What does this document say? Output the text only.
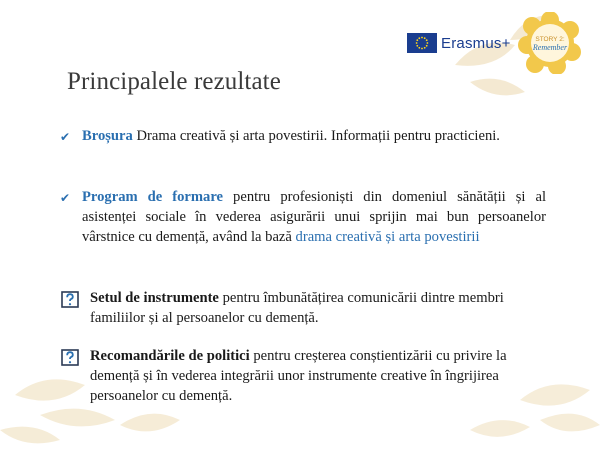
Erasmus+	STORY 2:
Remember
Principalele rezultate
✔ Broșura Drama creativă și arta povestirii. Informații pentru practicieni.
✔ Program de formare pentru profesioniști din domeniul sănătății și al asistenței sociale în vederea asigurării unui sprijin mai bun persoanelor vârstnice cu demență, având la bază drama creativă și arta povestirii
Setul de instrumente pentru îmbunătățirea comunicării dintre membri familiilor și al persoanelor cu demență.
Recomandările de politici pentru creșterea conștientizării cu privire la demență și în vederea integrării unor instrumente creative în îngrijirea persoanelor cu demență.
